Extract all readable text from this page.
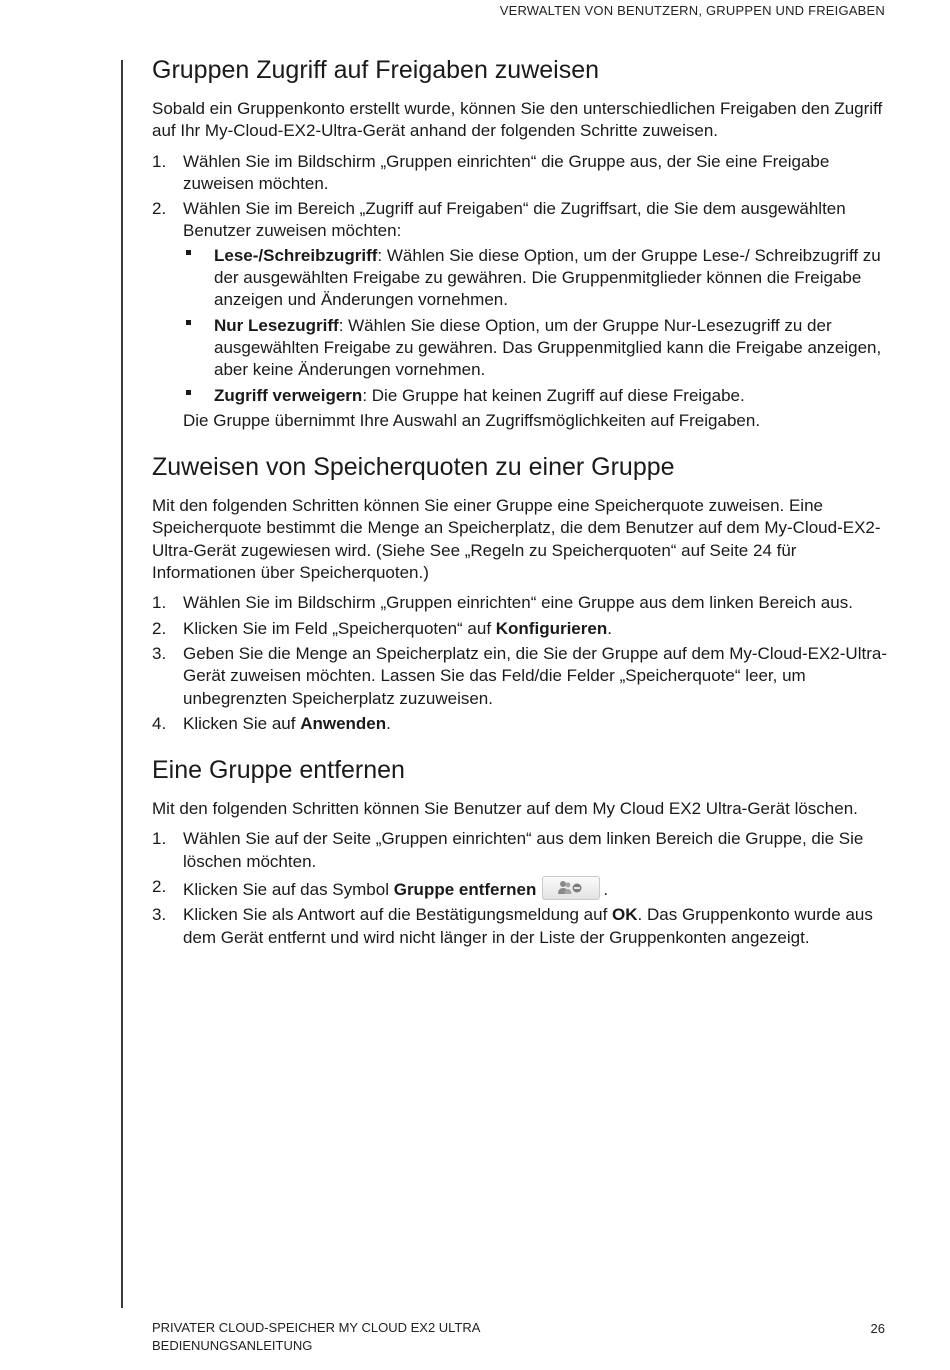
VERWALTEN VON BENUTZERN, GRUPPEN UND FREIGABEN
Gruppen Zugriff auf Freigaben zuweisen

Sobald ein Gruppenkonto erstellt wurde, können Sie den unterschiedlichen Freigaben den Zugriff auf Ihr My-Cloud-EX2-Ultra-Gerät anhand der folgenden Schritte zuweisen.

1. Wählen Sie im Bildschirm „Gruppen einrichten“ die Gruppe aus, der Sie eine Freigabe zuweisen möchten.
2. Wählen Sie im Bereich „Zugriff auf Freigaben“ die Zugriffsart, die Sie dem ausgewählten Benutzer zuweisen möchten:
Lese-/Schreibzugriff: Wählen Sie diese Option, um der Gruppe Lese-/ Schreibzugriff zu der ausgewählten Freigabe zu gewähren. Die Gruppenmitglieder können die Freigabe anzeigen und Änderungen vornehmen.
Nur Lesezugriff: Wählen Sie diese Option, um der Gruppe Nur-Lesezugriff zu der ausgewählten Freigabe zu gewähren. Das Gruppenmitglied kann die Freigabe anzeigen, aber keine Änderungen vornehmen.
Zugriff verweigern: Die Gruppe hat keinen Zugriff auf diese Freigabe.

Die Gruppe übernimmt Ihre Auswahl an Zugriffsmöglichkeiten auf Freigaben.

Zuweisen von Speicherquoten zu einer Gruppe

Mit den folgenden Schritten können Sie einer Gruppe eine Speicherquote zuweisen. Eine Speicherquote bestimmt die Menge an Speicherplatz, die dem Benutzer auf dem My-Cloud-EX2-Ultra-Gerät zugewiesen wird. (Siehe See „Regeln zu Speicherquoten“ auf Seite 24 für Informationen über Speicherquoten.)

1. Wählen Sie im Bildschirm „Gruppen einrichten“ eine Gruppe aus dem linken Bereich aus.
2. Klicken Sie im Feld „Speicherquoten“ auf Konfigurieren.
3. Geben Sie die Menge an Speicherplatz ein, die Sie der Gruppe auf dem My-Cloud-EX2-Ultra-Gerät zuweisen möchten. Lassen Sie das Feld/die Felder „Speicherquote“ leer, um unbegrenzten Speicherplatz zuzuweisen.
4. Klicken Sie auf Anwenden.
Eine Gruppe entfernen

Mit den folgenden Schritten können Sie Benutzer auf dem My Cloud EX2 Ultra-Gerät löschen.

1. Wählen Sie auf der Seite „Gruppen einrichten“ aus dem linken Bereich die Gruppe, die Sie löschen möchten.
2. Klicken Sie auf das Symbol Gruppe entfernen	.
3. Klicken Sie als Antwort auf die Bestätigungsmeldung auf OK. Das Gruppenkonto wurde aus dem Gerät entfernt und wird nicht länger in der Liste der Gruppenkonten angezeigt.
PRIVATER CLOUD-SPEICHER MY CLOUD EX2 ULTRA
BEDIENUNGSANLEITUNG
26
